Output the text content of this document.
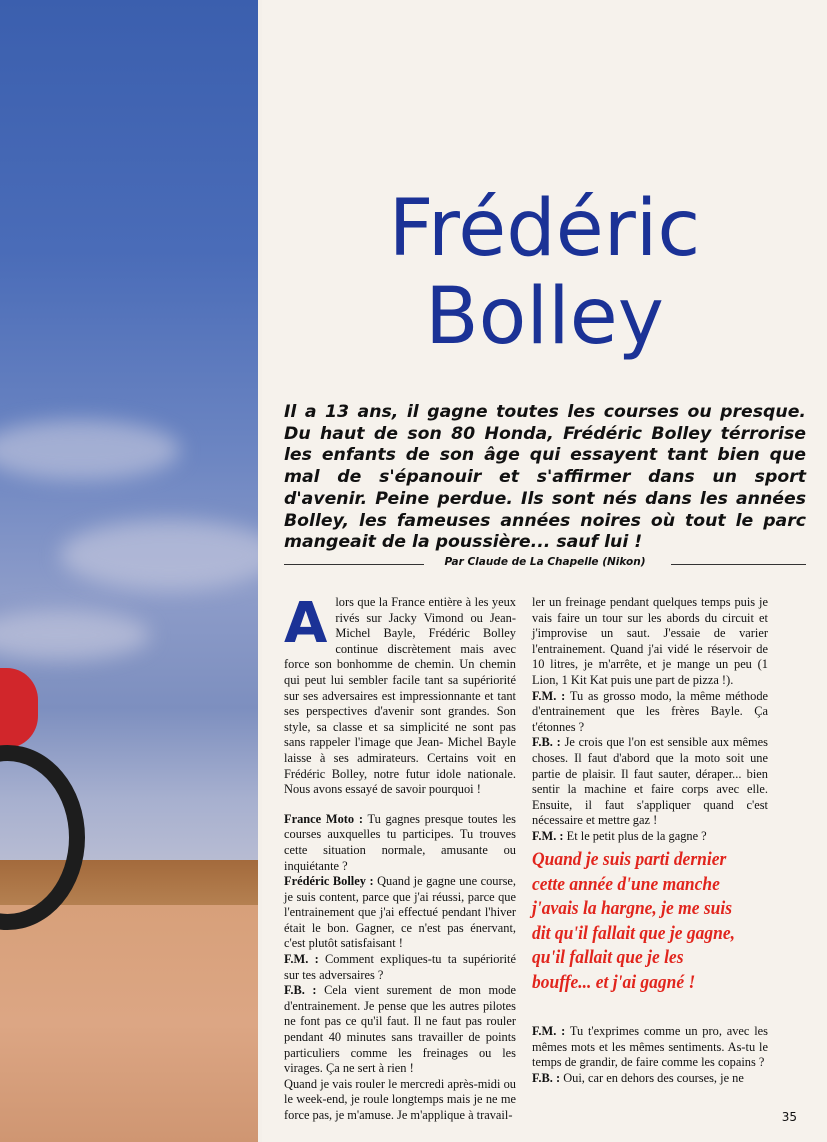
Frédéric
Bolley

Il a 13 ans, il gagne toutes les courses ou presque. Du haut de son 80 Honda, Frédéric Bolley térrorise les enfants de son âge qui essayent tant bien que mal de s'épanouir et s'affirmer dans un sport d'avenir. Peine perdue. Ils sont nés dans les années Bolley, les fameuses années noires où tout le parc mangeait de la poussière... sauf lui !

Par Claude de La Chapelle (Nikon)

Alors que la France entière à les yeux rivés sur Jacky Vimond ou Jean-Michel Bayle, Frédéric Bolley continue discrètement mais avec force son bonhomme de chemin. Un chemin qui peut lui sembler facile tant sa supériorité sur ses adversaires est impressionnante et tant ses perspectives d'avenir sont grandes. Son style, sa classe et sa simplicité ne sont pas sans rappeler l'image que Jean- Michel Bayle laisse à ses admirateurs. Certains voit en Frédéric Bolley, notre futur idole nationale. Nous avons essayé de savoir pourquoi !

France Moto : Tu gagnes presque toutes les courses auxquelles tu participes. Tu trouves cette situation normale, amusante ou inquiétante ?

Frédéric Bolley : Quand je gagne une course, je suis content, parce que j'ai réussi, parce que l'entrainement que j'ai effectué pendant l'hiver était le bon. Gagner, ce n'est pas énervant, c'est plutôt satisfaisant !

F.M. : Comment expliques-tu ta supériorité sur tes adversaires ?

F.B. : Cela vient surement de mon mode d'entrainement. Je pense que les autres pilotes ne font pas ce qu'il faut. Il ne faut pas rouler pendant 40 minutes sans travailler de points particuliers comme les freinages ou les virages. Ça ne sert à rien !

Quand je vais rouler le mercredi après-midi ou le week-end, je roule longtemps mais je ne me force pas, je m'amuse. Je m'applique à travail-

ler un freinage pendant quelques temps puis je vais faire un tour sur les abords du circuit et j'improvise un saut. J'essaie de varier l'entrainement. Quand j'ai vidé le réservoir de 10 litres, je m'arrête, et je mange un peu (1 Lion, 1 Kit Kat puis une part de pizza !).

F.M. : Tu as grosso modo, la même méthode d'entrainement que les frères Bayle. Ça t'étonnes ?

F.B. : Je crois que l'on est sensible aux mêmes choses. Il faut d'abord que la moto soit une partie de plaisir. Il faut sauter, déraper... bien sentir la machine et faire corps avec elle. Ensuite, il faut s'appliquer quand c'est nécessaire et mettre gaz !

F.M. : Et le petit plus de la gagne ?

Quand je suis parti dernier cette année d'une manche j'avais la hargne, je me suis dit qu'il fallait que je gagne, qu'il fallait que je les bouffe... et j'ai gagné !

F.M. : Tu t'exprimes comme un pro, avec les mêmes mots et les mêmes sentiments. As-tu le temps de grandir, de faire comme les copains ?

F.B. : Oui, car en dehors des courses, je ne

35
